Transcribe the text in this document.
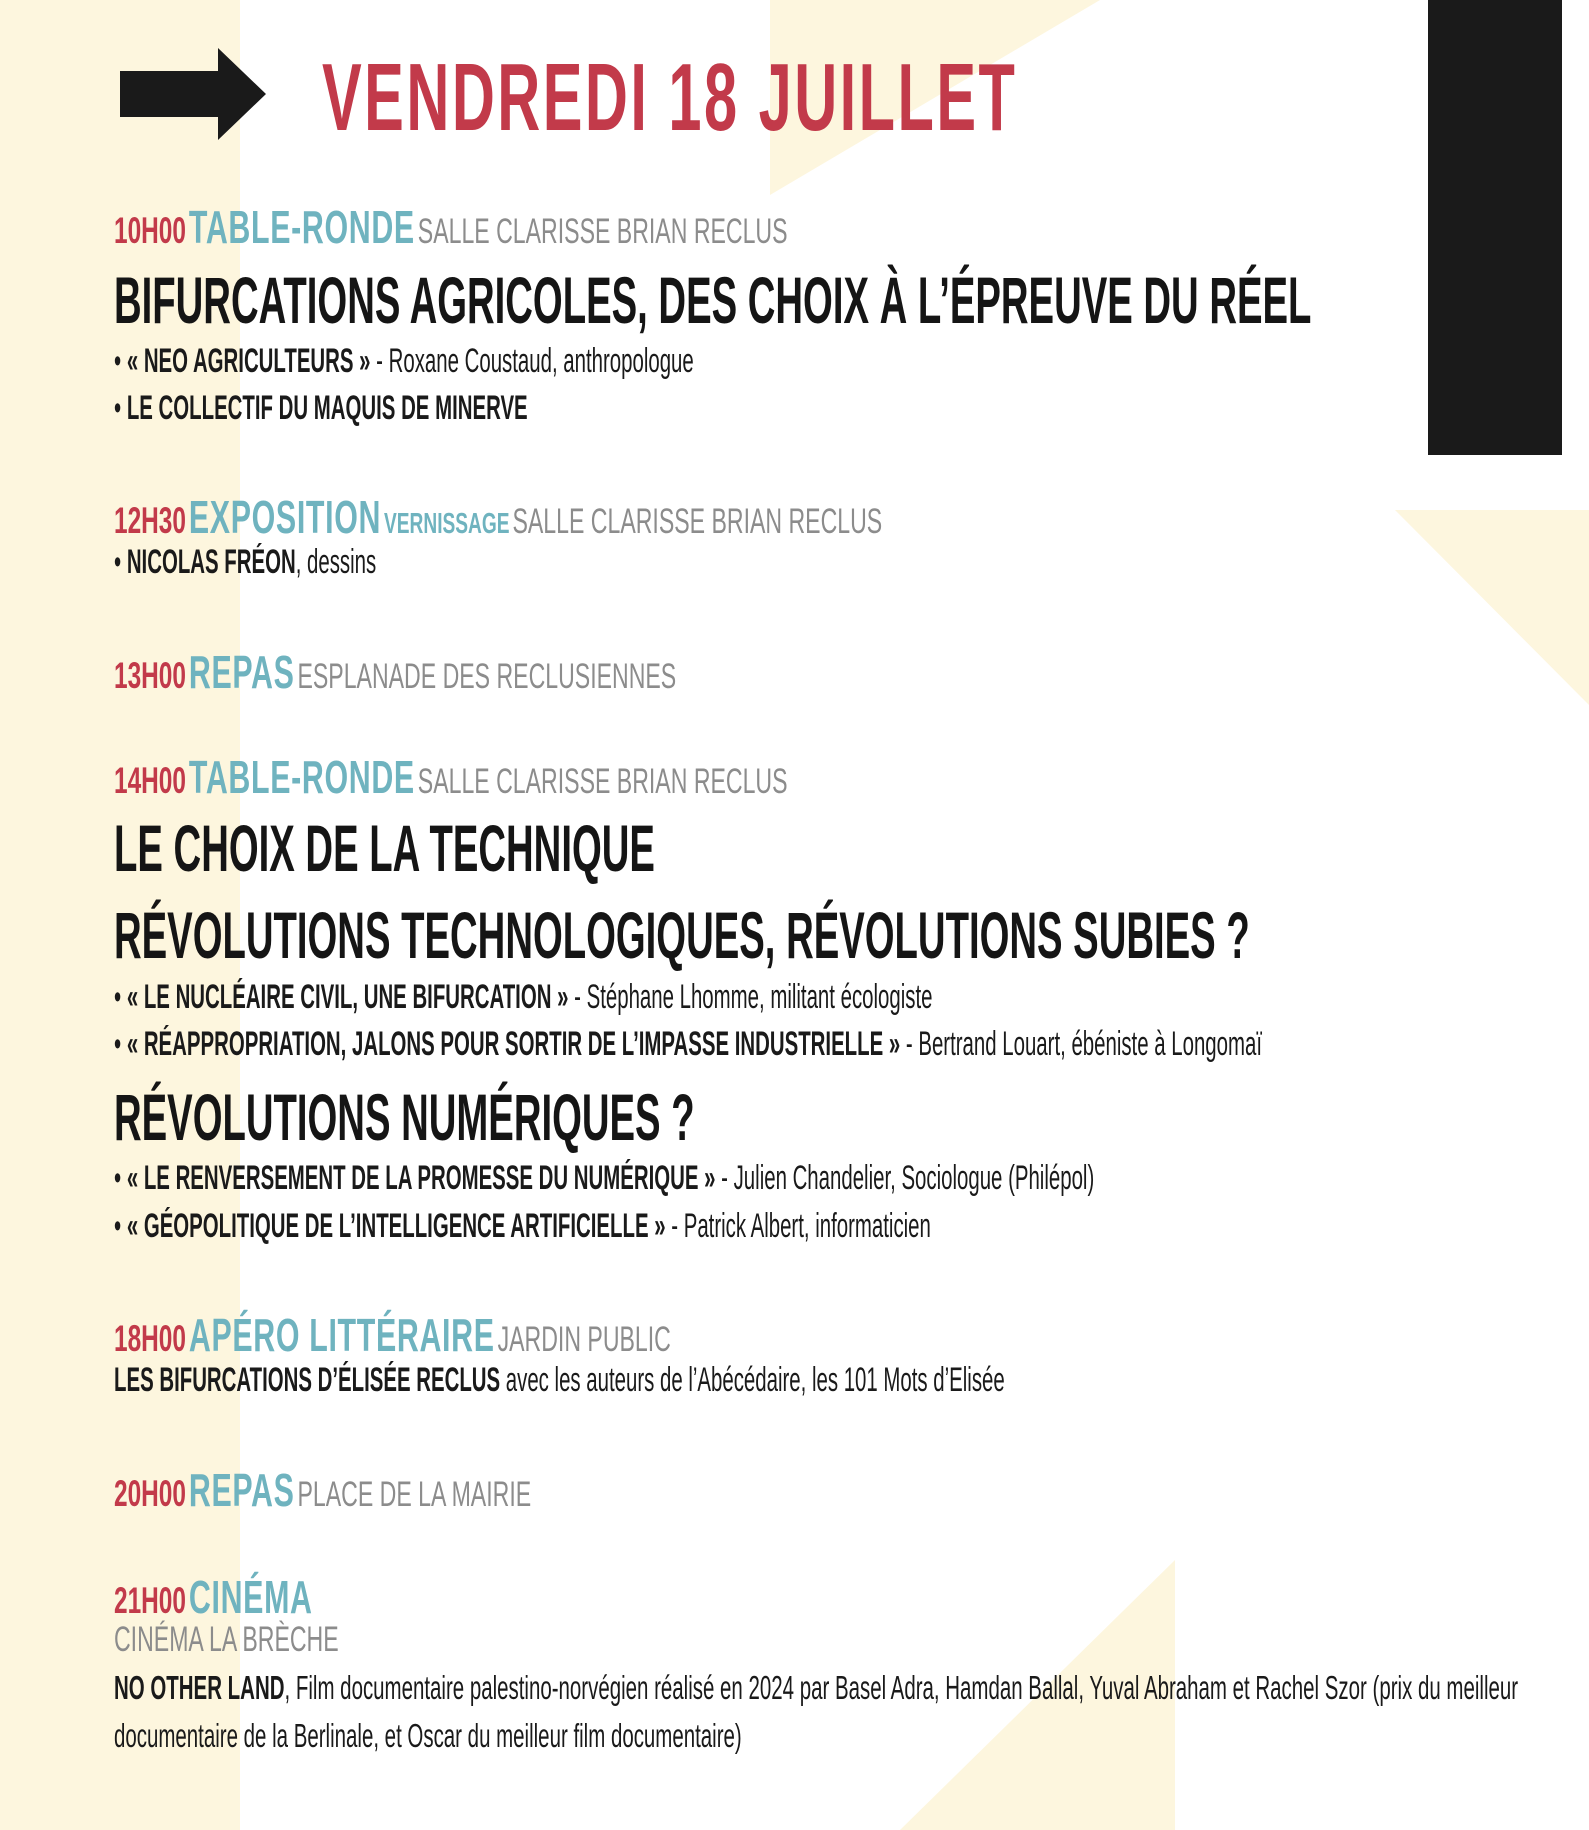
VENDREDI 18 JUILLET
10H00 TABLE-RONDE SALLE CLARISSE BRIAN RECLUS
BIFURCATIONS AGRICOLES, DES CHOIX À L’ÉPREUVE DU RÉEL
• « NEO AGRICULTEURS » - Roxane Coustaud, anthropologue
• LE COLLECTIF DU MAQUIS DE MINERVE
12H30 EXPOSITION VERNISSAGE SALLE CLARISSE BRIAN RECLUS
• NICOLAS FRÉON, dessins
13H00 REPAS ESPLANADE DES RECLUSIENNES
14H00 TABLE-RONDE SALLE CLARISSE BRIAN RECLUS
LE CHOIX DE LA TECHNIQUE
RÉVOLUTIONS TECHNOLOGIQUES, RÉVOLUTIONS SUBIES ?
• « LE NUCLÉAIRE CIVIL, UNE BIFURCATION » - Stéphane Lhomme, militant écologiste
• « RÉAPPROPRIATION, JALONS POUR SORTIR DE L’IMPASSE INDUSTRIELLE » - Bertrand Louart, ébéniste à Longomaï
RÉVOLUTIONS NUMÉRIQUES ?
• « LE RENVERSEMENT DE LA PROMESSE DU NUMÉRIQUE » - Julien Chandelier, Sociologue (Philépol)
• « GÉOPOLITIQUE DE L’INTELLIGENCE ARTIFICIELLE » - Patrick Albert, informaticien
18H00 APÉRO LITTÉRAIRE JARDIN PUBLIC
LES BIFURCATIONS D’ÉLISÉE RECLUS avec les auteurs de l’Abécédaire, les 101 Mots d’Elisée
20H00 REPAS PLACE DE LA MAIRIE
21H00 CINÉMA
CINÉMA LA BRÈCHE
NO OTHER LAND, Film documentaire palestino-norvégien réalisé en 2024 par Basel Adra, Hamdan Ballal, Yuval Abraham et Rachel Szor (prix du meilleur documentaire de la Berlinale, et Oscar du meilleur film documentaire)
